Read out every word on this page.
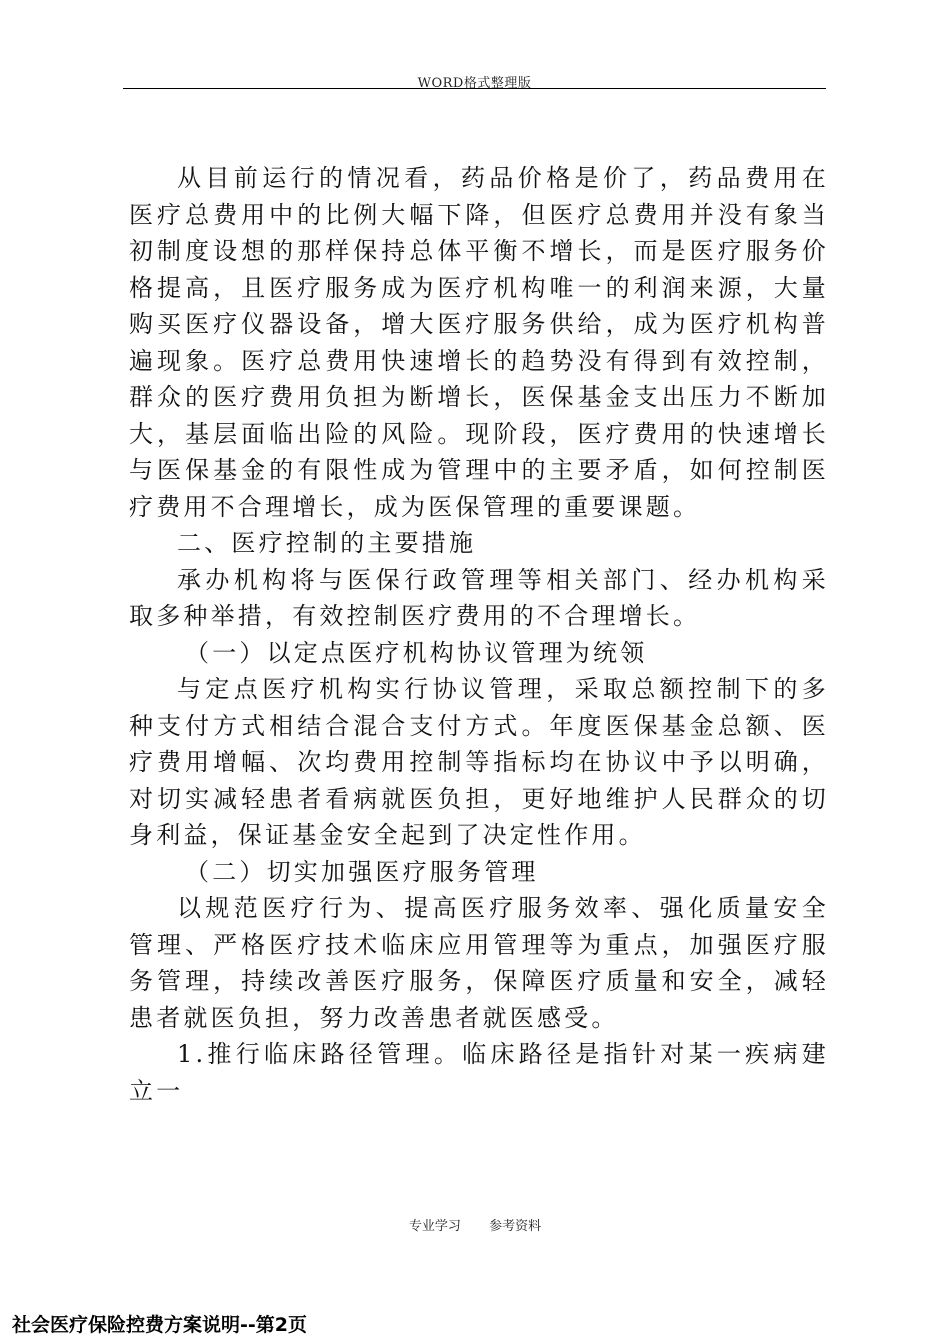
WORD格式整理版

从目前运行的情况看，药品价格是价了，药品费用在医疗总费用中的比例大幅下降，但医疗总费用并没有象当初制度设想的那样保持总体平衡不增长，而是医疗服务价格提高，且医疗服务成为医疗机构唯一的利润来源，大量购买医疗仪器设备，增大医疗服务供给，成为医疗机构普遍现象。医疗总费用快速增长的趋势没有得到有效控制，群众的医疗费用负担为断增长，医保基金支出压力不断加大，基层面临出险的风险。现阶段，医疗费用的快速增长与医保基金的有限性成为管理中的主要矛盾，如何控制医疗费用不合理增长，成为医保管理的重要课题。

二、医疗控制的主要措施

承办机构将与医保行政管理等相关部门、经办机构采取多种举措，有效控制医疗费用的不合理增长。

（一）以定点医疗机构协议管理为统领

与定点医疗机构实行协议管理，采取总额控制下的多种支付方式相结合混合支付方式。年度医保基金总额、医疗费用增幅、次均费用控制等指标均在协议中予以明确，对切实减轻患者看病就医负担，更好地维护人民群众的切身利益，保证基金安全起到了决定性作用。

（二）切实加强医疗服务管理

以规范医疗行为、提高医疗服务效率、强化质量安全管理、严格医疗技术临床应用管理等为重点，加强医疗服务管理，持续改善医疗服务，保障医疗质量和安全，减轻患者就医负担，努力改善患者就医感受。

1.推行临床路径管理。临床路径是指针对某一疾病建立一

专业学习 参考资料
社会医疗保险控费方案说明--第2页
